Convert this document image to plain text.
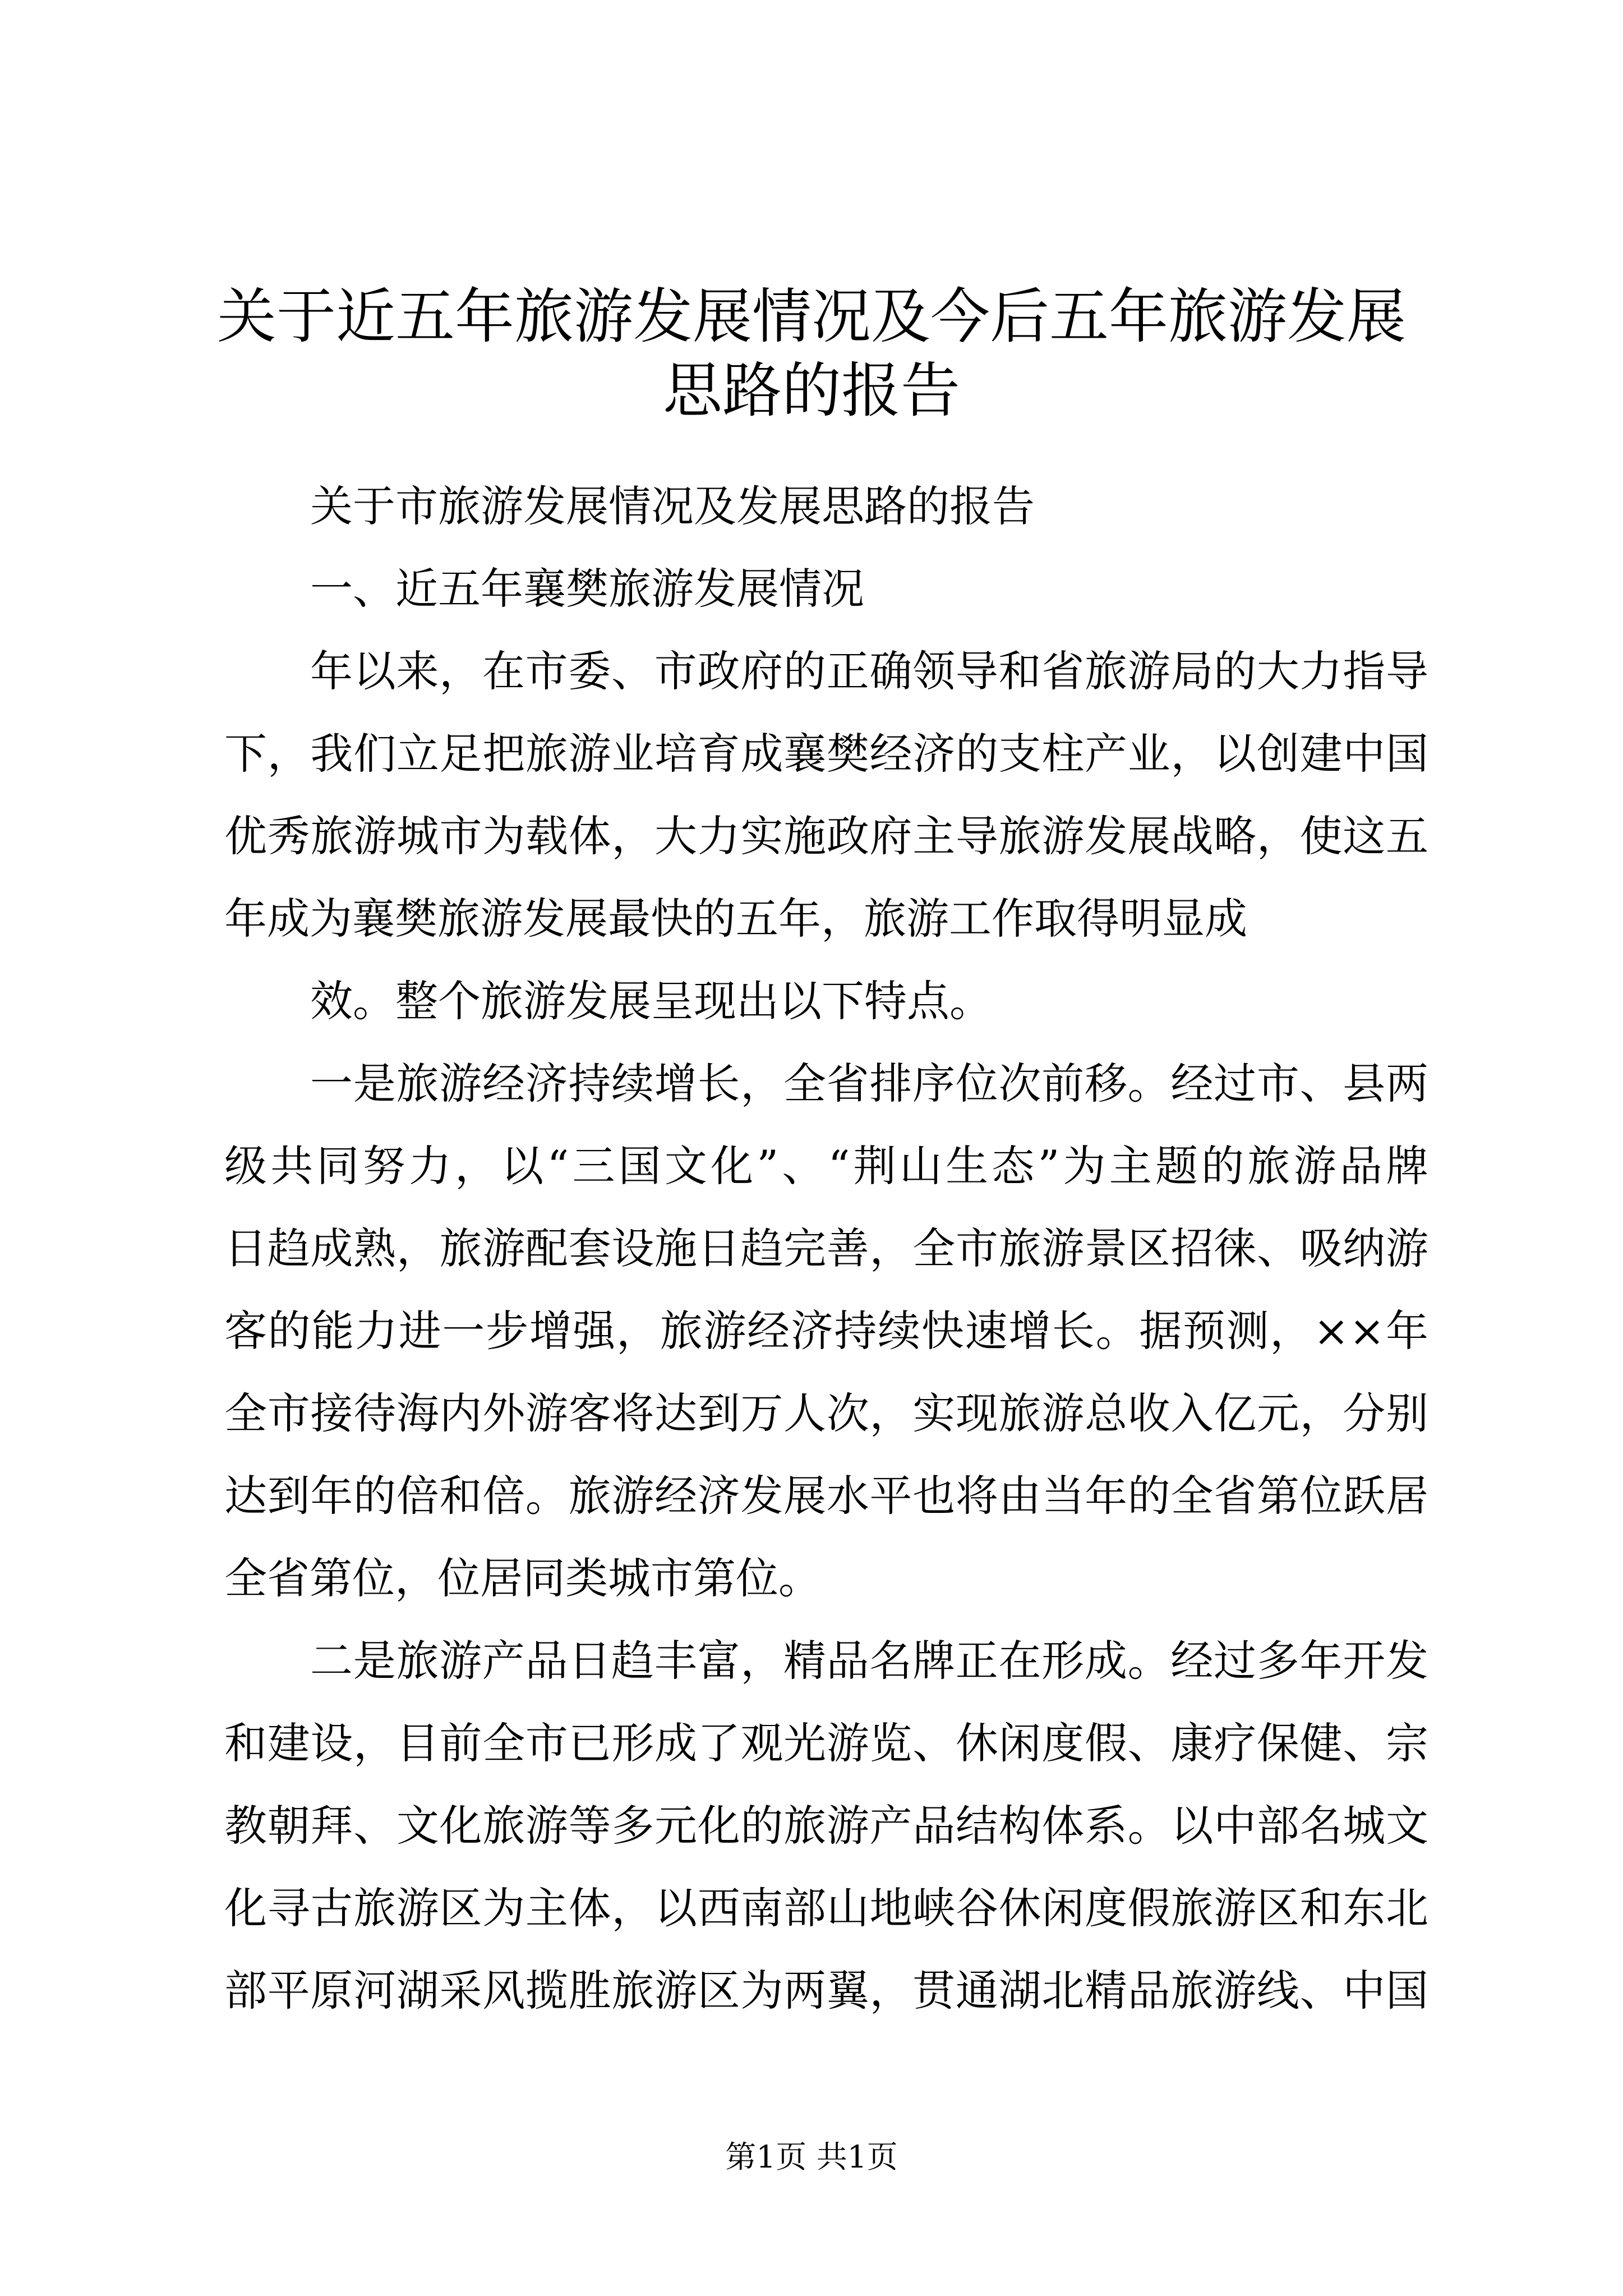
关于近五年旅游发展情况及今后五年旅游发展
思路的报告
关于市旅游发展情况及发展思路的报告
一、近五年襄樊旅游发展情况
年以来，在市委、市政府的正确领导和省旅游局的大力指导
下，我们立足把旅游业培育成襄樊经济的支柱产业，以创建中国
优秀旅游城市为载体，大力实施政府主导旅游发展战略，使这五
年成为襄樊旅游发展最快的五年，旅游工作取得明显成
效。整个旅游发展呈现出以下特点。
一是旅游经济持续增长，全省排序位次前移。经过市、县两
级共同努力，以“三国文化”、“荆山生态”为主题的旅游品牌
日趋成熟，旅游配套设施日趋完善，全市旅游景区招徕、吸纳游
客的能力进一步增强，旅游经济持续快速增长。据预测，××年
全市接待海内外游客将达到万人次，实现旅游总收入亿元，分别
达到年的倍和倍。旅游经济发展水平也将由当年的全省第位跃居
全省第位，位居同类城市第位。
二是旅游产品日趋丰富，精品名牌正在形成。经过多年开发
和建设，目前全市已形成了观光游览、休闲度假、康疗保健、宗
教朝拜、文化旅游等多元化的旅游产品结构体系。以中部名城文
化寻古旅游区为主体，以西南部山地峡谷休闲度假旅游区和东北
部平原河湖采风揽胜旅游区为两翼，贯通湖北精品旅游线、中国
第1页 共1页
